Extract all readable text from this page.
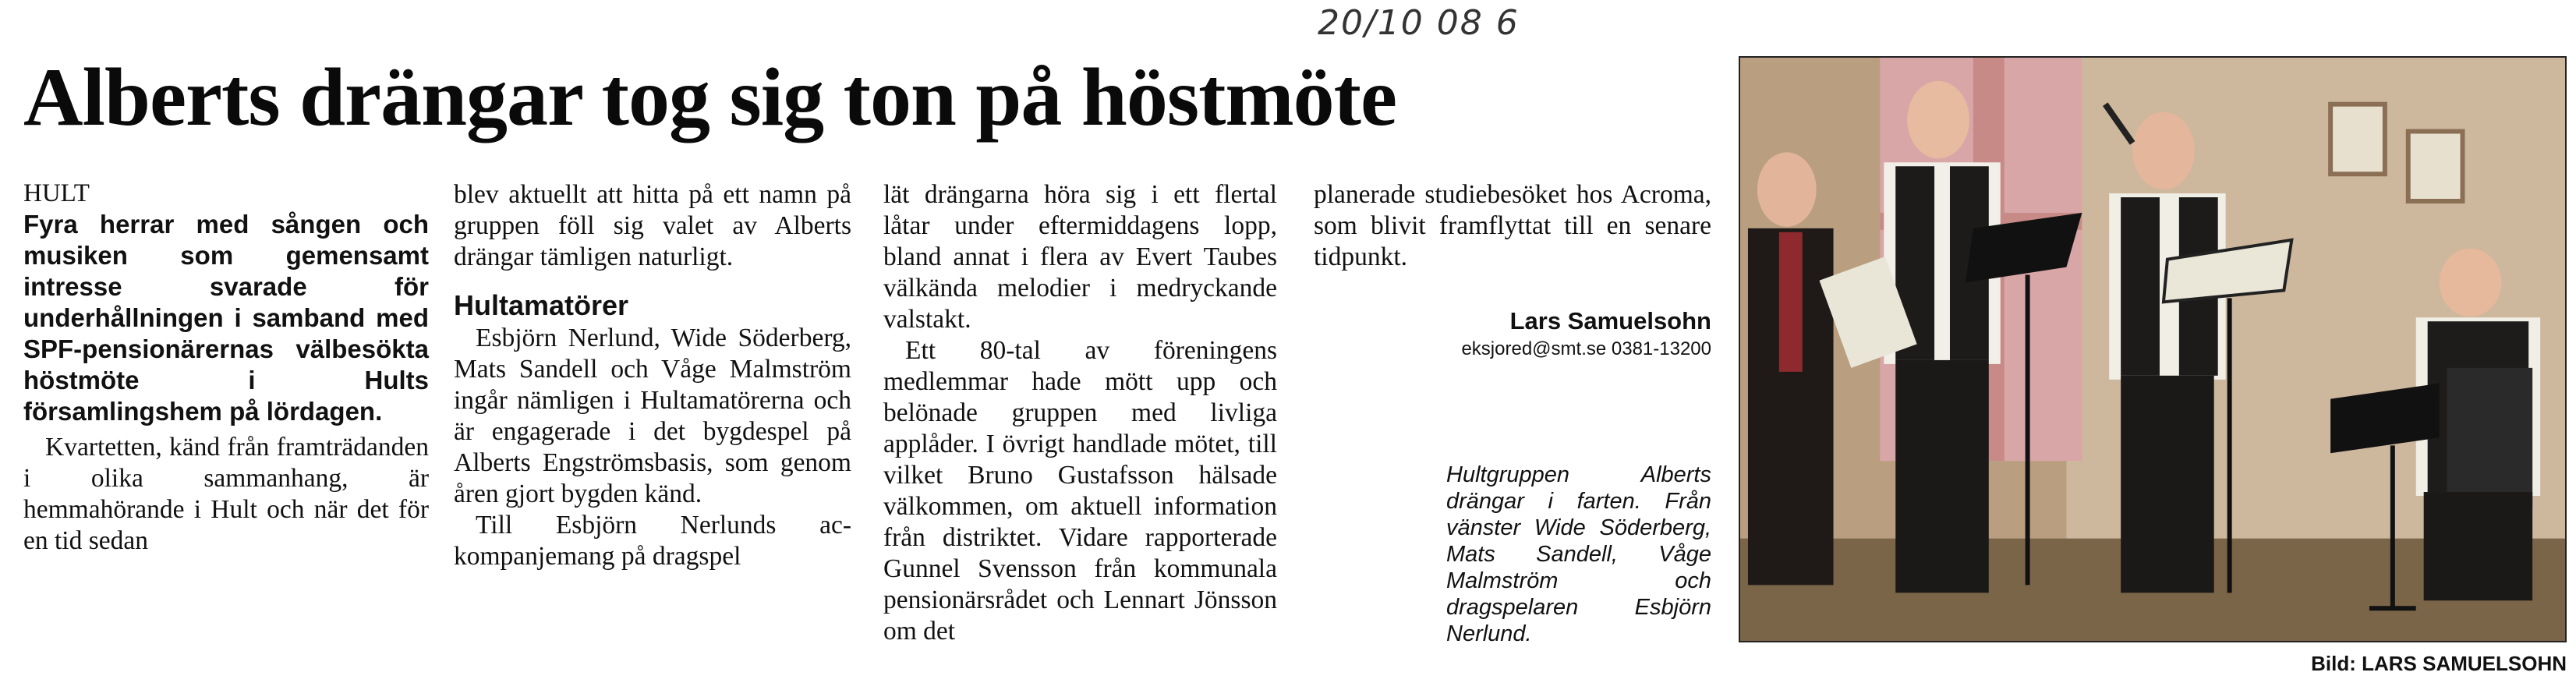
20/10 08 6
Alberts drängar tog sig ton på höstmöte
HULT
Fyra herrar med sången och musiken som gemensamt intresse svarade för underhållningen i samband med SPF-pensionärernas välbesökta höstmöte i Hults församlingshem på lördagen.
Kvartetten, känd från framträdanden i olika sammanhang, är hemmahörande i Hult och när det för en tid sedan
blev aktuellt att hitta på ett namn på gruppen föll sig valet av Alberts drängar tämligen naturligt.
Hultamatörer
Esbjörn Nerlund, Wide Söderberg, Mats Sandell och Våge Malmström ingår nämligen i Hultamatörerna och är engagerade i det bygdespel på Alberts Engströmsbasis, som genom åren gjort bygden känd.
Till Esbjörn Nerlunds ackompanjemang på dragspel
lät drängarna höra sig i ett flertal låtar under eftermiddagens lopp, bland annat i flera av Evert Taubes välkända melodier i medryckande valstakt.
Ett 80-tal av föreningens medlemmar hade mött upp och belönade gruppen med livliga applåder. I övrigt handlade mötet, till vilket Bruno Gustafsson hälsade välkommen, om aktuell information från distriktet. Vidare rapporterade Gunnel Svensson från kommunala pensionärsrådet och Lennart Jönsson om det
planerade studiebesöket hos Acroma, som blivit framflyttat till en senare tidpunkt.
Lars Samuelsohn
eksjored@smt.se 0381-13200
Hultgruppen Alberts drängar i farten. Från vänster Wide Söderberg, Mats Sandell, Våge Malmström och dragspelaren Esbjörn Nerlund.
Bild: LARS SAMUELSOHN
